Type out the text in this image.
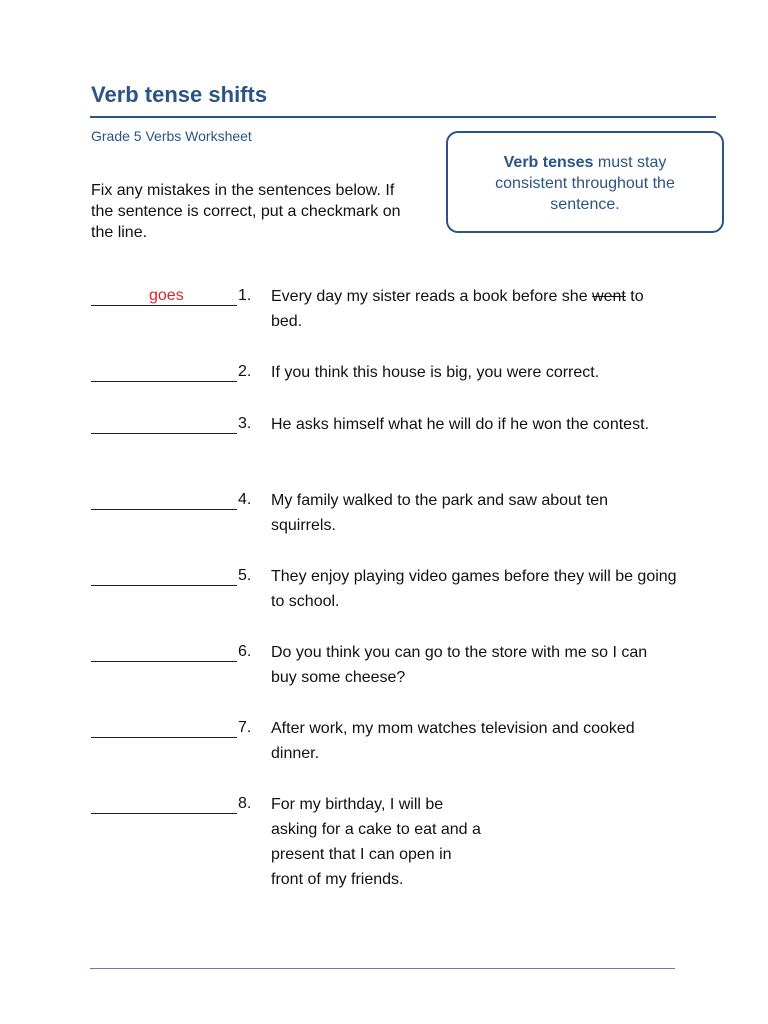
Verb tense shifts
Grade 5 Verbs Worksheet
Verb tenses must stay consistent throughout the sentence.
Fix any mistakes in the sentences below. If the sentence is correct, put a checkmark on the line.
goes	1. Every day my sister reads a book before she went to bed.
2. If you think this house is big, you were correct.
3. He asks himself what he will do if he won the contest.
4. My family walked to the park and saw about ten squirrels.
5. They enjoy playing video games before they will be going to school.
6. Do you think you can go to the store with me so I can buy some cheese?
7. After work, my mom watches television and cooked dinner.
8. For my birthday, I will be asking for a cake to eat and a present that I can open in front of my friends.
